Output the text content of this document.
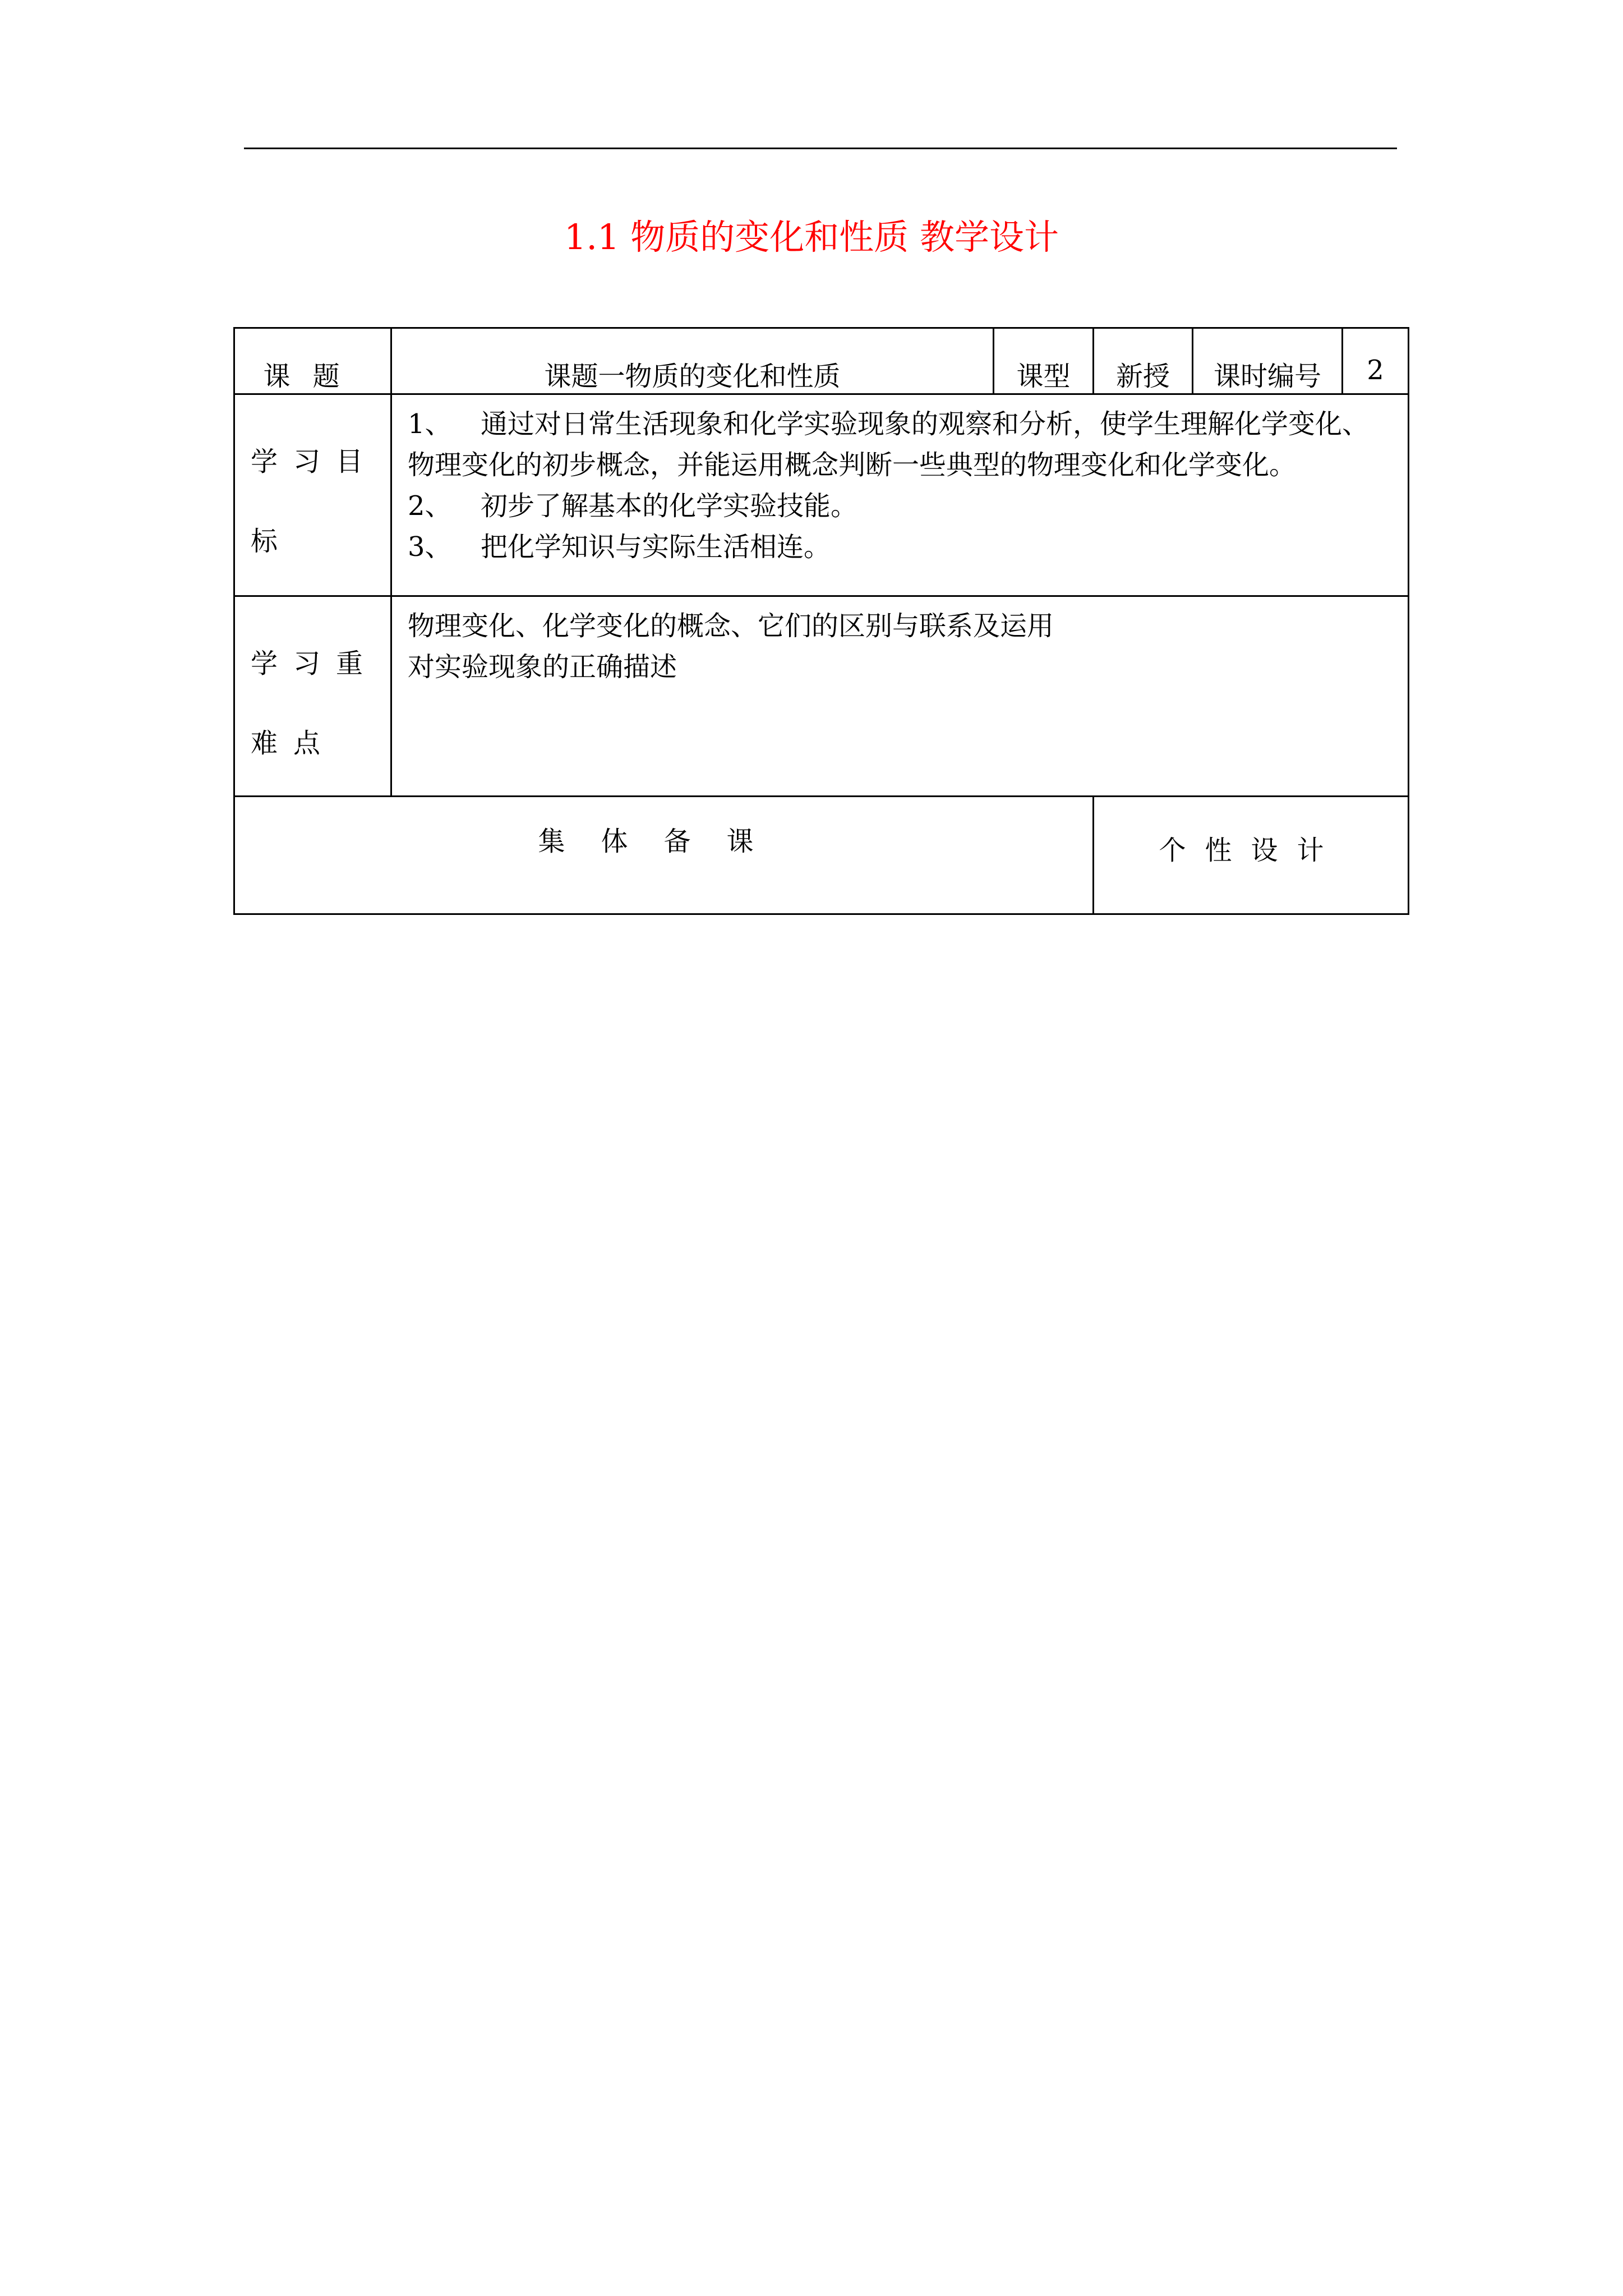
1.1 物质的变化和性质 教学设计
课题	课题一物质的变化和性质	课型	新授	课时编号	2

学习目标	1、 通过对日常生活现象和化学实验现象的观察和分析，使学生理解化学变化、
物理变化的初步概念，并能运用概念判断一些典型的物理变化和化学变化。
2、 初步了解基本的化学实验技能。
3、 把化学知识与实际生活相连。				

学习重难点	物理变化、化学变化的概念、它们的区别与联系及运用
对实验现象的正确描述				

集体备课			个性设计		
